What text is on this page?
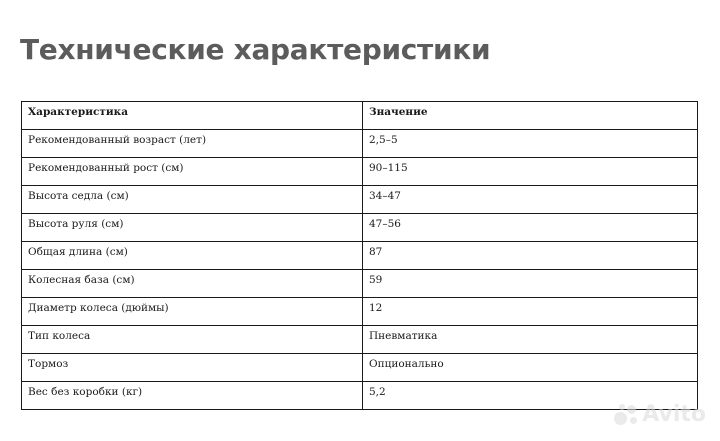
Технические характеристики
Характеристика	Значение
Рекомендованный возраст (лет)	2,5–5
Рекомендованный рост (см)	90–115
Высота седла (см)	34–47
Высота руля (см)	47–56
Общая длина (см)	87
Колесная база (см)	59
Диаметр колеса (дюймы)	12
Тип колеса	Пневматика
Тормоз	Опционально
Вес без коробки (кг)	5,2
Avito
